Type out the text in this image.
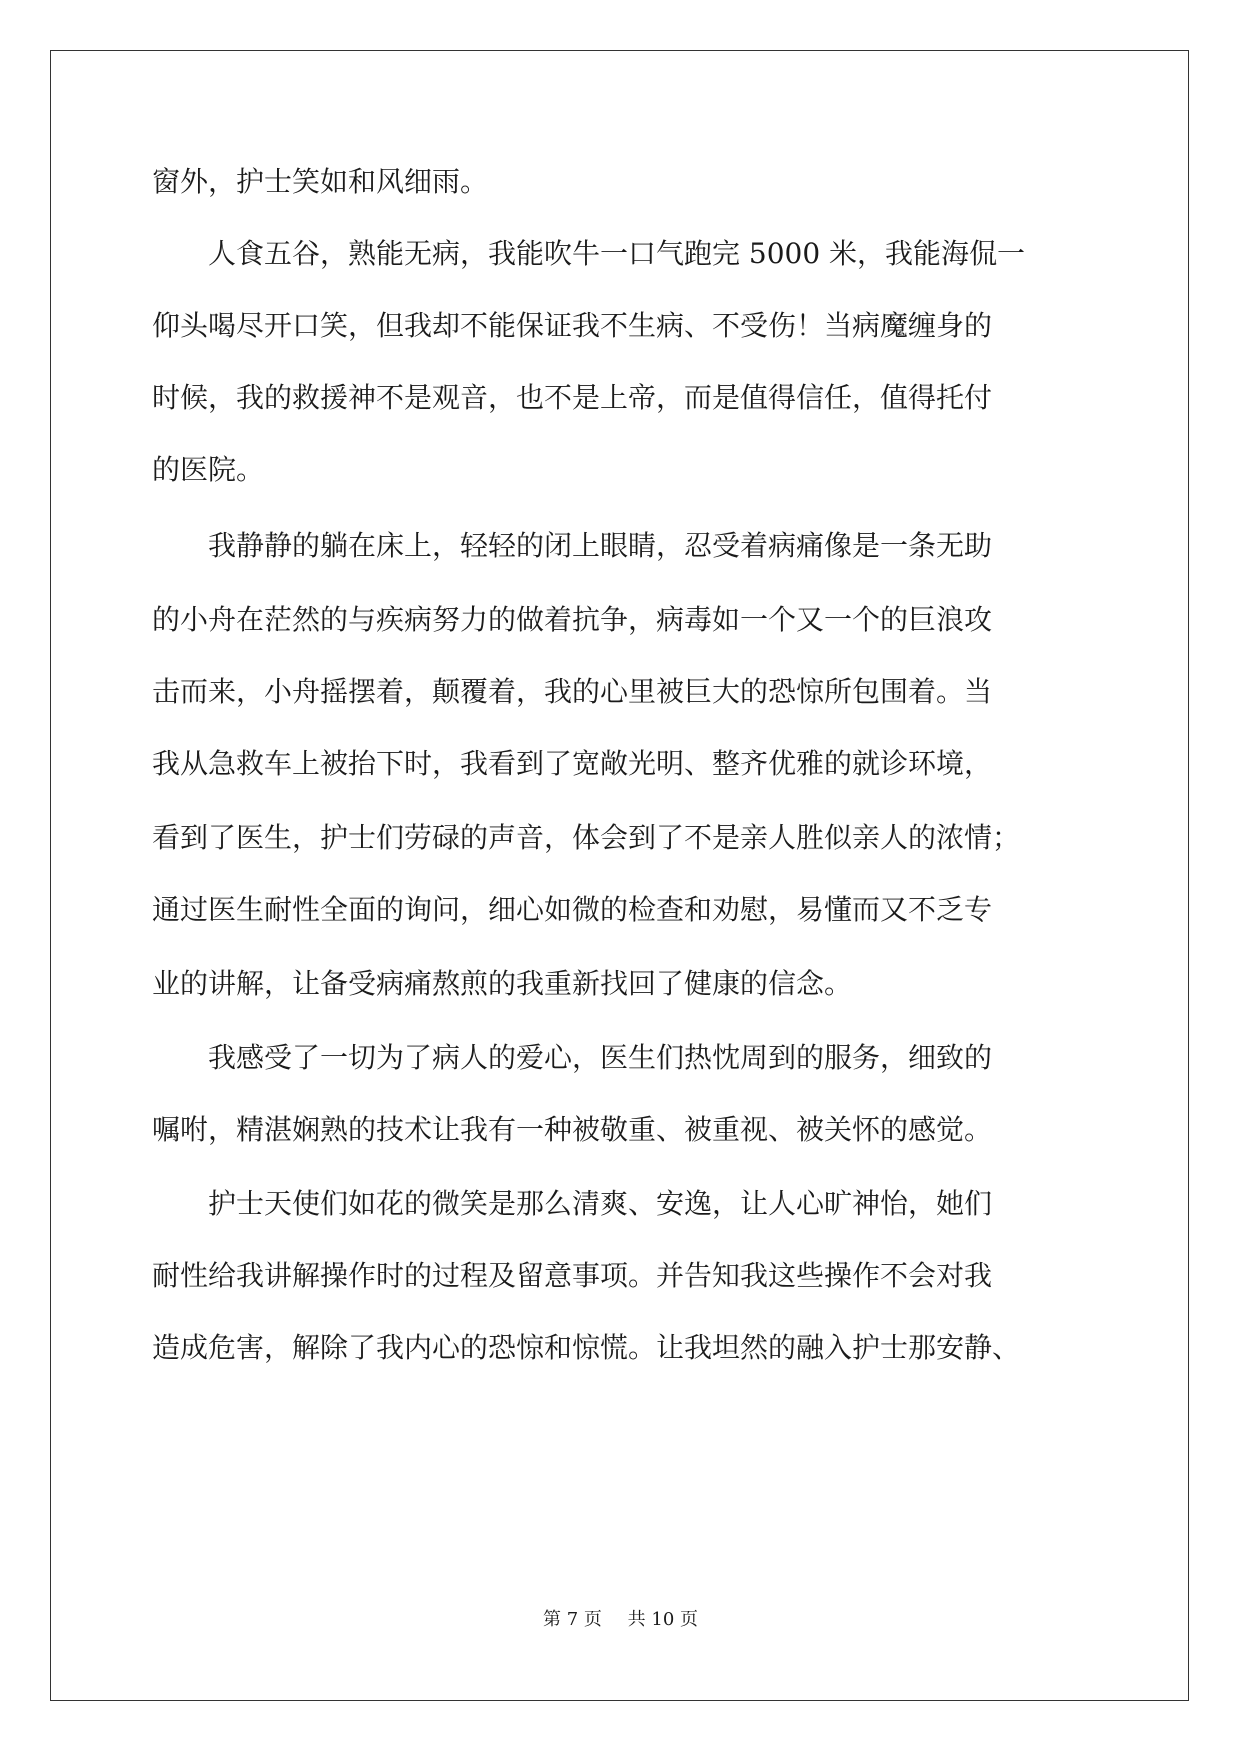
窗外，护士笑如和风细雨。
人食五谷，熟能无病，我能吹牛一口气跑完 5000 米，我能海侃一
仰头喝尽开口笑，但我却不能保证我不生病、不受伤！当病魔缠身的
时候，我的救援神不是观音，也不是上帝，而是值得信任，值得托付
的医院。
我静静的躺在床上，轻轻的闭上眼睛，忍受着病痛像是一条无助
的小舟在茫然的与疾病努力的做着抗争，病毒如一个又一个的巨浪攻
击而来，小舟摇摆着，颠覆着，我的心里被巨大的恐惊所包围着。当
我从急救车上被抬下时，我看到了宽敞光明、整齐优雅的就诊环境，
看到了医生，护士们劳碌的声音，体会到了不是亲人胜似亲人的浓情；
通过医生耐性全面的询问，细心如微的检查和劝慰，易懂而又不乏专
业的讲解，让备受病痛熬煎的我重新找回了健康的信念。
我感受了一切为了病人的爱心，医生们热忱周到的服务，细致的
嘱咐，精湛娴熟的技术让我有一种被敬重、被重视、被关怀的感觉。
护士天使们如花的微笑是那么清爽、安逸，让人心旷神怡，她们
耐性给我讲解操作时的过程及留意事项。并告知我这些操作不会对我
造成危害，解除了我内心的恐惊和惊慌。让我坦然的融入护士那安静、
第 7 页 共 10 页
